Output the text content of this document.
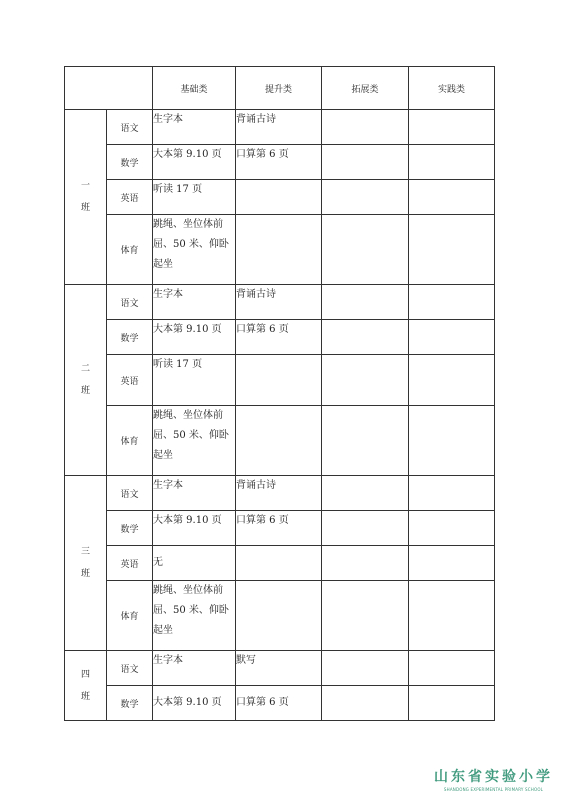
		基础类	提升类	拓展类	实践类
一
班	语文	生字本	背诵古诗		
	数学	大本第 9.10 页	口算第 6 页		
	英语	听读 17 页			
	体育	跳绳、坐位体前屈、50 米、仰卧起坐			
二
班	语文	生字本	背诵古诗		
	数学	大本第 9.10 页	口算第 6 页		
	英语	听读 17 页			
	体育	跳绳、坐位体前屈、50 米、仰卧起坐			
三
班	语文	生字本	背诵古诗		
	数学	大本第 9.10 页	口算第 6 页		
	英语	无			
	体育	跳绳、坐位体前屈、50 米、仰卧起坐			
四
班	语文	生字本	默写		
	数学	大本第 9.10 页	口算第 6 页		
山东省实验小学
SHANDONG EXPERIMENTAL PRIMARY SCHOOL
